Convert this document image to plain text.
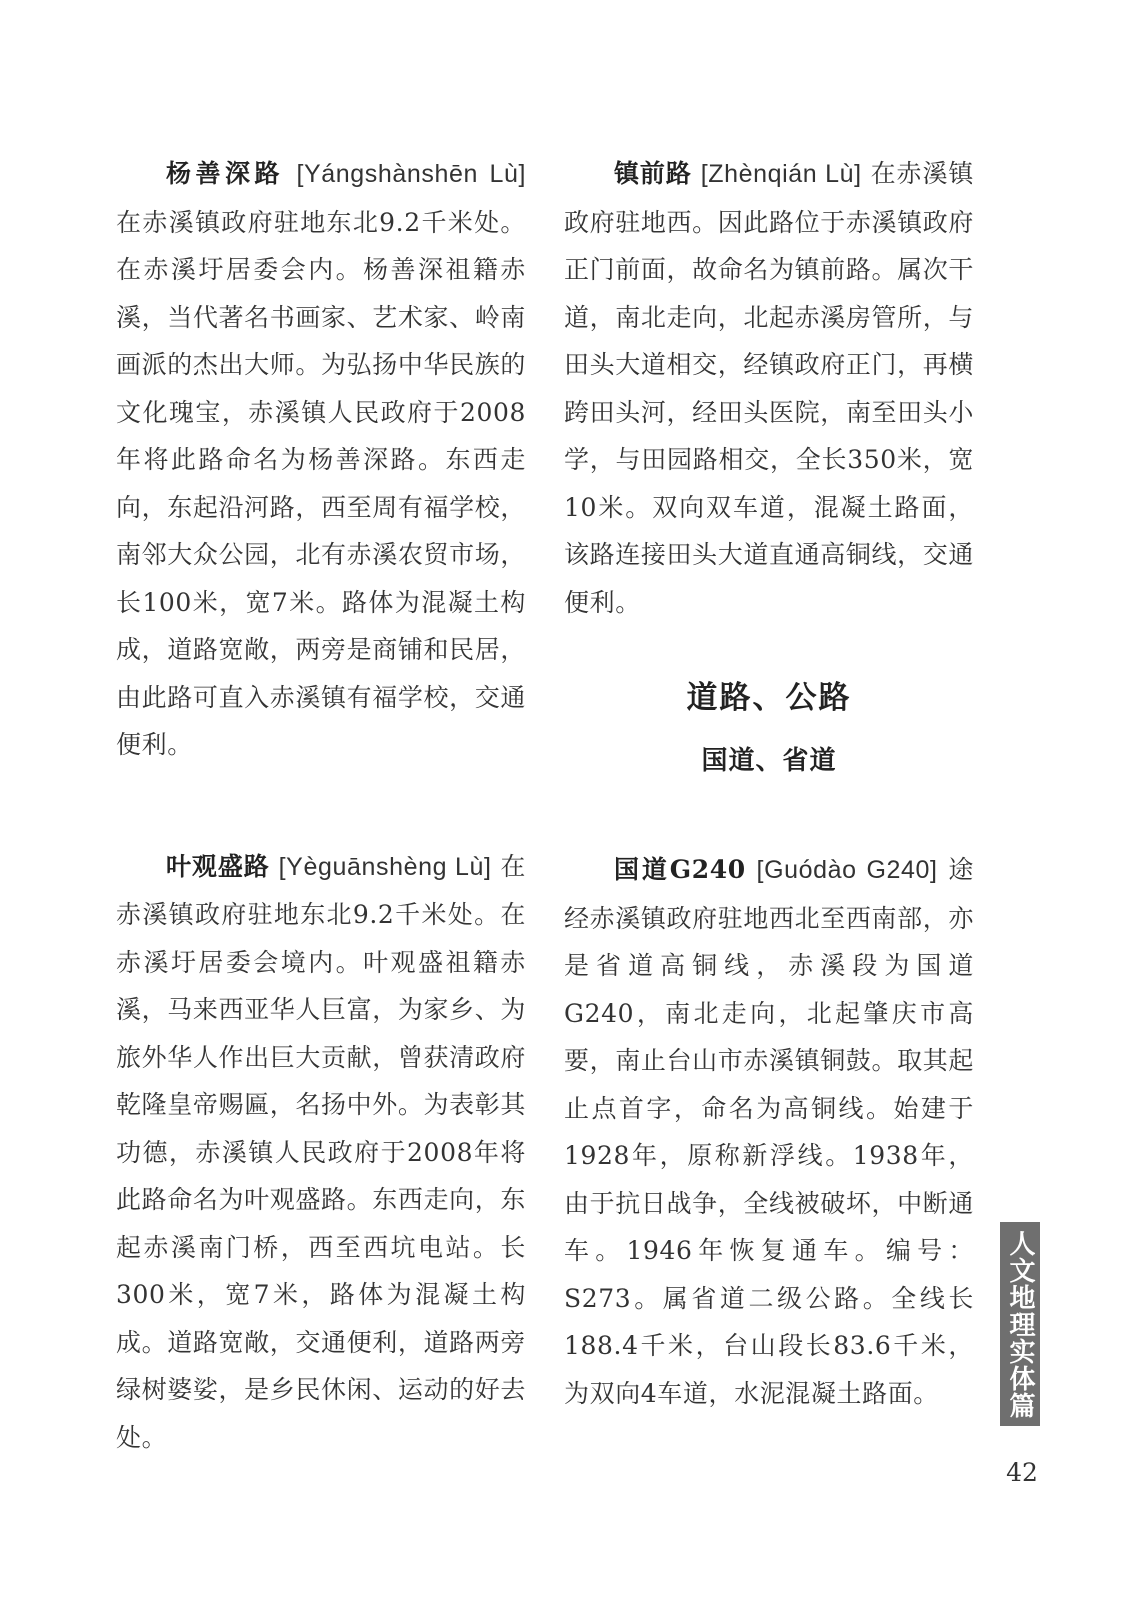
杨善深路 [Yángshànshēn Lù] 在赤溪镇政府驻地东北9.2千米处。在赤溪圩居委会内。杨善深祖籍赤溪，当代著名书画家、艺术家、岭南画派的杰出大师。为弘扬中华民族的文化瑰宝，赤溪镇人民政府于2008年将此路命名为杨善深路。东西走向，东起沿河路，西至周有福学校，南邻大众公园，北有赤溪农贸市场，长100米，宽7米。路体为混凝土构成，道路宽敞，两旁是商铺和民居，由此路可直入赤溪镇有福学校，交通便利。

叶观盛路 [Yèguānshèng Lù] 在赤溪镇政府驻地东北9.2千米处。在赤溪圩居委会境内。叶观盛祖籍赤溪，马来西亚华人巨富，为家乡、为旅外华人作出巨大贡献，曾获清政府乾隆皇帝赐匾，名扬中外。为表彰其功德，赤溪镇人民政府于2008年将此路命名为叶观盛路。东西走向，东起赤溪南门桥，西至西坑电站。长300米，宽7米，路体为混凝土构成。道路宽敞，交通便利，道路两旁绿树婆娑，是乡民休闲、运动的好去处。

镇前路 [Zhènqián Lù] 在赤溪镇政府驻地西。因此路位于赤溪镇政府正门前面，故命名为镇前路。属次干道，南北走向，北起赤溪房管所，与田头大道相交，经镇政府正门，再横跨田头河，经田头医院，南至田头小学，与田园路相交，全长350米，宽10米。双向双车道，混凝土路面，该路连接田头大道直通高铜线，交通便利。

道路、公路
国道、省道

国道G240 [Guódào G240] 途经赤溪镇政府驻地西北至西南部，亦是省道高铜线，赤溪段为国道G240，南北走向，北起肇庆市高要，南止台山市赤溪镇铜鼓。取其起止点首字，命名为高铜线。始建于1928年，原称新浮线。1938年，由于抗日战争，全线被破坏，中断通车。1946年恢复通车。编号：S273。属省道二级公路。全线长188.4千米，台山段长83.6千米，为双向4车道，水泥混凝土路面。	人文地理实体篇
42
